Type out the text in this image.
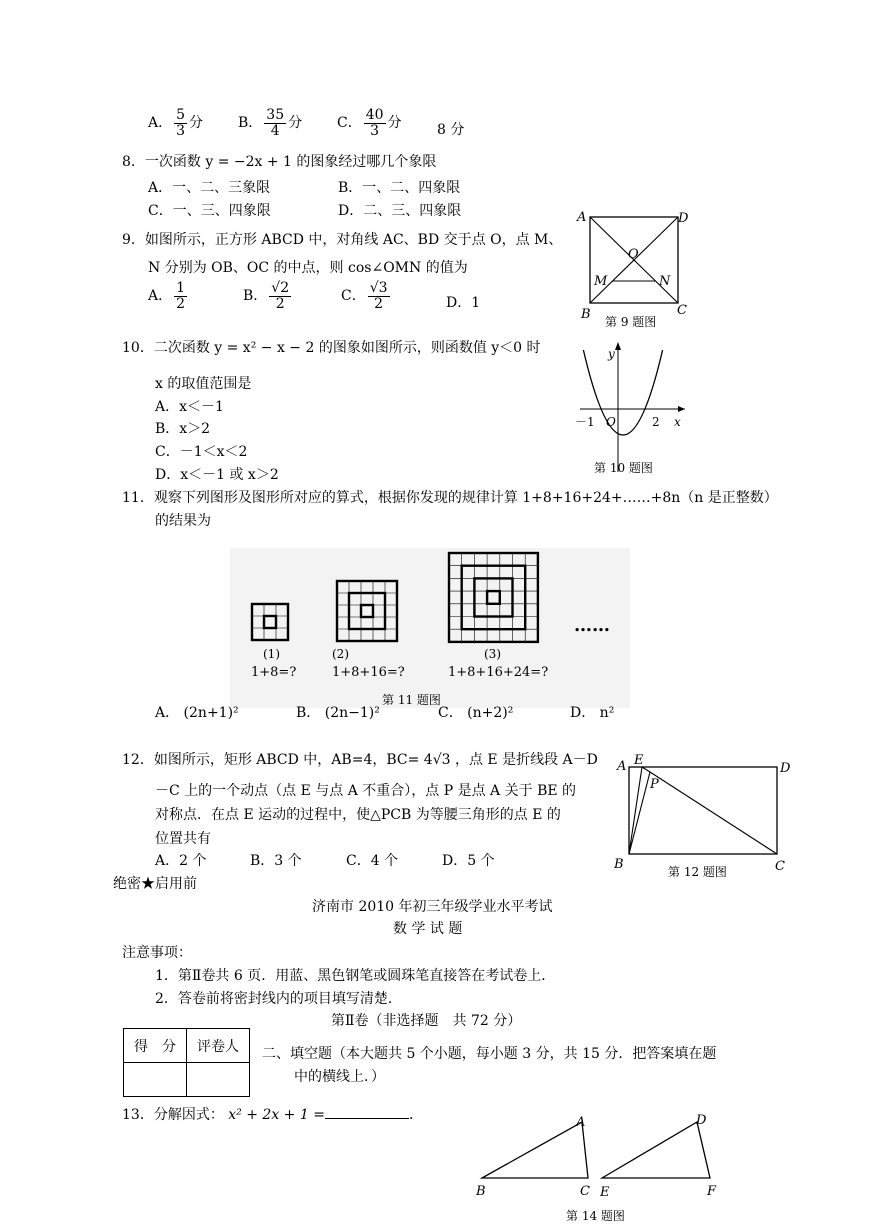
A． $\frac{5}{3}$ 分 B． $\frac{35}{4}$ 分 C． $\frac{40}{3}$ 分	8 分
8．一次函数 y = −2x + 1 的图象经过哪几个象限
A．一、二、三象限	B．一、二、四象限
C．一、三、四象限	D．二、三、四象限
9．如图所示，正方形 ABCD 中，对角线 AC、BD 交于点 O，点 M、
N 分别为 OB、OC 的中点，则 cos∠OMN 的值为
A． $\frac{1}{2}$	B． $\frac{√2}{2}$	C． $\frac{√3}{2}$	D．1
A	D
O
M	N
B	C
第 9 题图
10．二次函数 y = x² − x − 2 的图象如图所示，则函数值 y＜0 时
x 的取值范围是
A．x＜－1
B．x＞2
C．－1＜x＜2
D．x＜－1 或 x＞2
y
x
－1 O	2
第 10 题图
11．观察下列图形及图形所对应的算式，根据你发现的规律计算 1+8+16+24+……+8n（n 是正整数）
的结果为
……
(1)
1+8=?
(2)
1+8+16=?
(3)
1+8+16+24=?
第 11 题图
A． (2n+1)²	B． (2n−1)²	C． (n+2)²	D． n²
12．如图所示，矩形 ABCD 中，AB=4，BC= 4√3 ，点 E 是折线段 A－D
－C 上的一个动点（点 E 与点 A 不重合），点 P 是点 A 关于 BE 的
对称点．在点 E 运动的过程中，使△PCB 为等腰三角形的点 E 的
位置共有
A．2 个	B．3 个	C．4 个	D．5 个
A E
D
P
B	C
第 12 题图
绝密★启用前
济南市 2010 年初三年级学业水平考试
数 学 试 题
注意事项：
1．第Ⅱ卷共 6 页．用蓝、黑色钢笔或圆珠笔直接答在考试卷上．
2．答卷前将密封线内的项目填写清楚．
第Ⅱ卷（非选择题　共 72 分）
得　分	评卷人
	二、填空题（本大题共 5 个小题，每小题 3 分，共 15 分．把答案填在题
中的横线上．）
13．分解因式： x² + 2x + 1 =	．	A
B	C
D
E	F
第 14 题图
